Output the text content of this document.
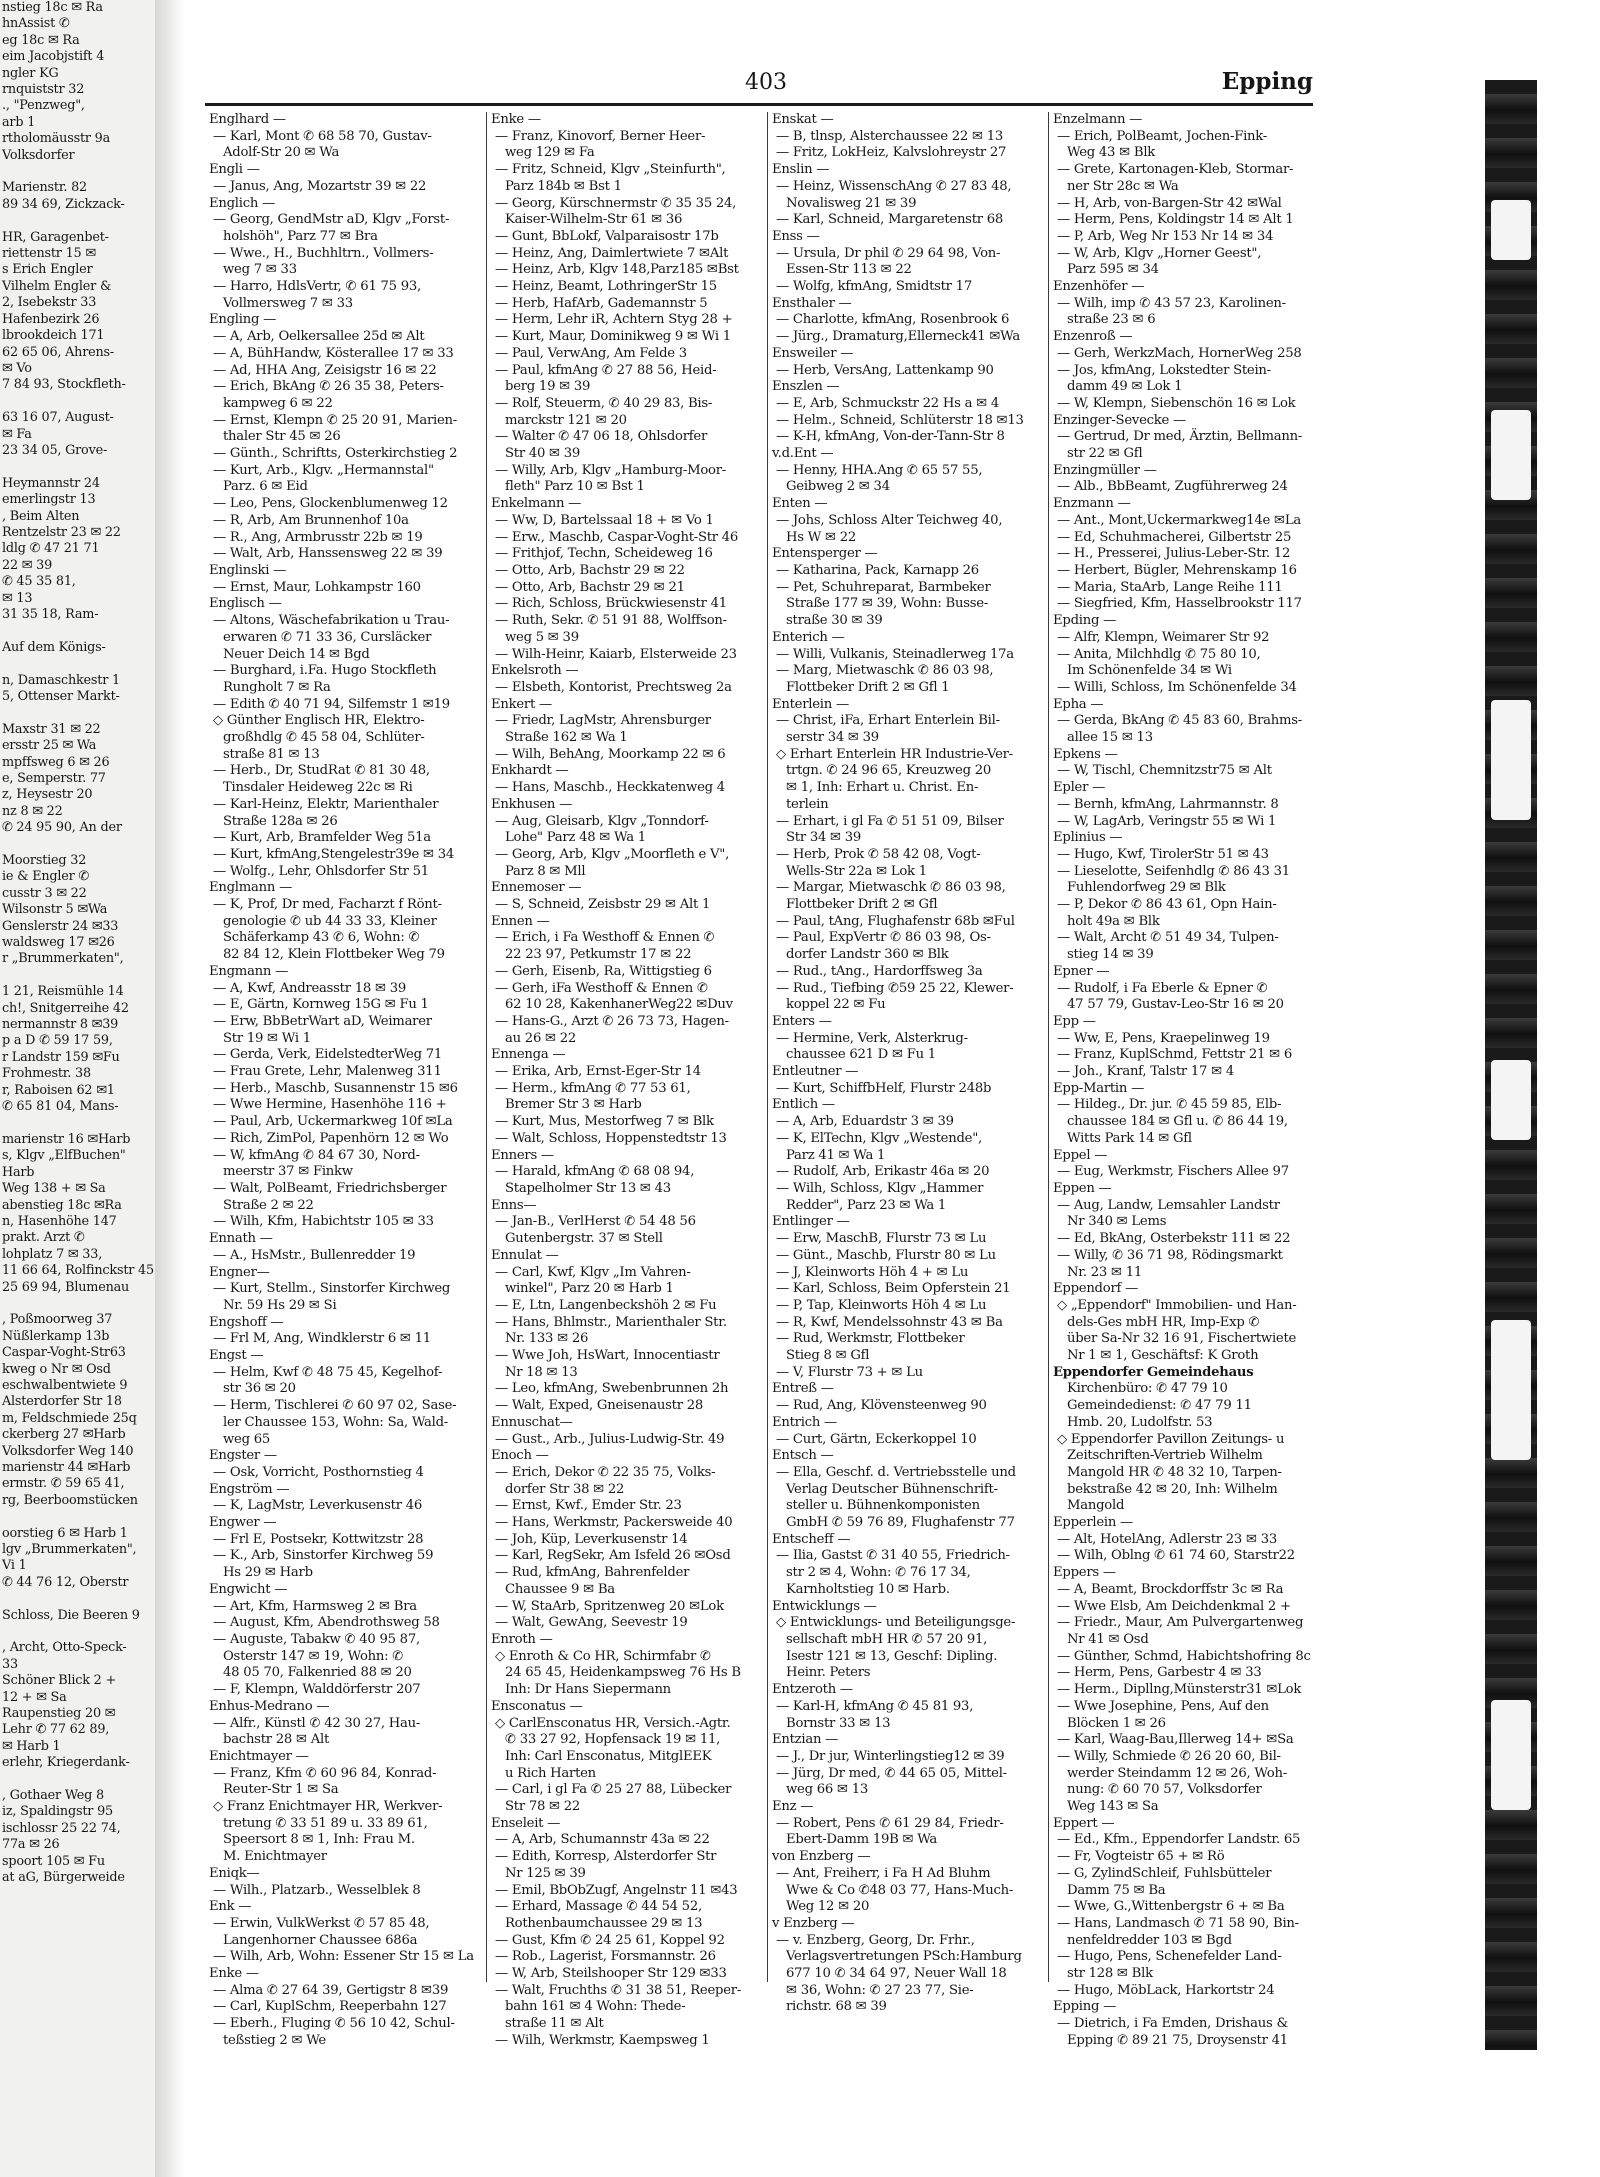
nstieg 18c ✉ Ra
hnAssist ✆
eg 18c ✉ Ra
eim Jacobjstift 4
ngler KG
rnquiststr 32
., "Penzweg",
arb 1
rtholomäusstr 9a
Volksdorfer
Marienstr. 82
89 34 69, Zickzack-
HR, Garagenbet-
riettenstr 15 ✉
s Erich Engler
Vilhelm Engler &
2, Isebekstr 33
Hafenbezirk 26
lbrookdeich 171
62 65 06, Ahrens-
✉ Vo
7 84 93, Stockfleth-
63 16 07, August-
✉ Fa
23 34 05, Grove-
Heymannstr 24
emerlingstr 13
, Beim Alten
Rentzelstr 23 ✉ 22
ldlg ✆ 47 21 71
22 ✉ 39
✆ 45 35 81,
✉ 13
31 35 18, Ram-
Auf dem Königs-
n, Damaschkestr 1
5, Ottenser Markt-
Maxstr 31 ✉ 22
ersstr 25 ✉ Wa
mpffsweg 6 ✉ 26
e, Semperstr. 77
z, Heysestr 20
nz 8 ✉ 22
✆ 24 95 90, An der
Moorstieg 32
ie & Engler ✆
cusstr 3 ✉ 22
Wilsonstr 5 ✉Wa
Genslerstr 24 ✉33
waldsweg 17 ✉26
r „Brummerkaten",
1 21, Reismühle 14
ch!, Snitgerreihe 42
nermannstr 8 ✉39
p a D ✆ 59 17 59,
r Landstr 159 ✉Fu
Frohmestr. 38
r, Raboisen 62 ✉1
✆ 65 81 04, Mans-
marienstr 16 ✉Harb
s, Klgv „ElfBuchen"
Harb
Weg 138 + ✉ Sa
abenstieg 18c ✉Ra
n, Hasenhöhe 147
prakt. Arzt ✆
lohplatz 7 ✉ 33,
11 66 64, Rolfinckstr 45
25 69 94, Blumenau
, Poßmoorweg 37
Nüßlerkamp 13b
Caspar-Voght-Str63
kweg o Nr ✉ Osd
eschwalbentwiete 9
Alsterdorfer Str 18
m, Feldschmiede 25q
ckerberg 27 ✉Harb
Volksdorfer Weg 140
marienstr 44 ✉Harb
ermstr. ✆ 59 65 41,
rg, Beerboomstücken
oorstieg 6 ✉ Harb 1
lgv „Brummerkaten",
Vi 1
✆ 44 76 12, Oberstr
Schloss, Die Beeren 9
, Archt, Otto-Speck-
33
Schöner Blick 2 +
12 + ✉ Sa
Raupenstieg 20 ✉
Lehr ✆ 77 62 89,
✉ Harb 1
erlehr, Kriegerdank-
, Gothaer Weg 8
iz, Spaldingstr 95
ischlossr 25 22 74,
77a ✉ 26
spoort 105 ✉ Fu
at aG, Bürgerweide
403	Epping
Englhard —
— Karl, Mont ✆ 68 58 70, Gustav-
Adolf-Str 20 ✉ Wa
Engli —
— Janus, Ang, Mozartstr 39 ✉ 22
Englich —
— Georg, GendMstr aD, Klgv „Forst-
holshöh", Parz 77 ✉ Bra
— Wwe., H., Buchhltrn., Vollmers-
weg 7 ✉ 33
— Harro, HdlsVertr, ✆ 61 75 93,
Vollmersweg 7 ✉ 33
Engling —
— A, Arb, Oelkersallee 25d ✉ Alt
— A, BühHandw, Kösterallee 17 ✉ 33
— Ad, HHA Ang, Zeisigstr 16 ✉ 22
— Erich, BkAng ✆ 26 35 38, Peters-
kampweg 6 ✉ 22
— Ernst, Klempn ✆ 25 20 91, Marien-
thaler Str 45 ✉ 26
— Günth., Schriftts, Osterkirchstieg 2
— Kurt, Arb., Klgv. „Hermannstal"
Parz. 6 ✉ Eid
— Leo, Pens, Glockenblumenweg 12
— R, Arb, Am Brunnenhof 10a
— R., Ang, Armbrusstr 22b ✉ 19
— Walt, Arb, Hanssensweg 22 ✉ 39
Englinski —
— Ernst, Maur, Lohkampstr 160
Englisch —
— Altons, Wäschefabrikation u Trau-
erwaren ✆ 71 33 36, Cursläcker
Neuer Deich 14 ✉ Bgd
— Burghard, i.Fa. Hugo Stockfleth
Rungholt 7 ✉ Ra
— Edith ✆ 40 71 94, Silfemstr 1 ✉19
◇ Günther Englisch HR, Elektro-
großhdlg ✆ 45 58 04, Schlüter-
straße 81 ✉ 13
— Herb., Dr, StudRat ✆ 81 30 48,
Tinsdaler Heideweg 22c ✉ Ri
— Karl-Heinz, Elektr, Marienthaler
Straße 128a ✉ 26
— Kurt, Arb, Bramfelder Weg 51a
— Kurt, kfmAng,Stengelestr39e ✉ 34
— Wolfg., Lehr, Ohlsdorfer Str 51
Englmann —
— K, Prof, Dr med, Facharzt f Rönt-
genologie ✆ ub 44 33 33, Kleiner
Schäferkamp 43 ✆ 6, Wohn: ✆
82 84 12, Klein Flottbeker Weg 79
Engmann —
— A, Kwf, Andreasstr 18 ✉ 39
— E, Gärtn, Kornweg 15G ✉ Fu 1
— Erw, BbBetrWart aD, Weimarer
Str 19 ✉ Wi 1
— Gerda, Verk, EidelstedterWeg 71
— Frau Grete, Lehr, Malenweg 311
— Herb., Maschb, Susannenstr 15 ✉6
— Wwe Hermine, Hasenhöhe 116 +
— Paul, Arb, Uckermarkweg 10f ✉La
— Rich, ZimPol, Papenhörn 12 ✉ Wo
— W, kfmAng ✆ 84 67 30, Nord-
meerstr 37 ✉ Finkw
— Walt, PolBeamt, Friedrichsberger
Straße 2 ✉ 22
— Wilh, Kfm, Habichtstr 105 ✉ 33
Ennath —
— A., HsMstr., Bullenredder 19
Engner—
— Kurt, Stellm., Sinstorfer Kirchweg
Nr. 59 Hs 29 ✉ Si
Engshoff —
— Frl M, Ang, Windklerstr 6 ✉ 11
Engst —
— Helm, Kwf ✆ 48 75 45, Kegelhof-
str 36 ✉ 20
— Herm, Tischlerei ✆ 60 97 02, Sase-
ler Chaussee 153, Wohn: Sa, Wald-
weg 65
Engster —
— Osk, Vorricht, Posthornstieg 4
Engström —
— K, LagMstr, Leverkusenstr 46
Engwer —
— Frl E, Postsekr, Kottwitzstr 28
— K., Arb, Sinstorfer Kirchweg 59
Hs 29 ✉ Harb
Engwicht —
— Art, Kfm, Harmsweg 2 ✉ Bra
— August, Kfm, Abendrothsweg 58
— Auguste, Tabakw ✆ 40 95 87,
Osterstr 147 ✉ 19, Wohn: ✆
48 05 70, Falkenried 88 ✉ 20
— F, Klempn, Walddörferstr 207
Enhus-Medrano —
— Alfr., Künstl ✆ 42 30 27, Hau-
bachstr 28 ✉ Alt
Enichtmayer —
— Franz, Kfm ✆ 60 96 84, Konrad-
Reuter-Str 1 ✉ Sa
◇ Franz Enichtmayer HR, Werkver-
tretung ✆ 33 51 89 u. 33 89 61,
Speersort 8 ✉ 1, Inh: Frau M.
M. Enichtmayer
Eniqk—
— Wilh., Platzarb., Wesselblek 8
Enk —
— Erwin, VulkWerkst ✆ 57 85 48,
Langenhorner Chaussee 686a
— Wilh, Arb, Wohn: Essener Str 15 ✉ La
Enke —
— Alma ✆ 27 64 39, Gertigstr 8 ✉39
— Carl, KuplSchm, Reeperbahn 127
— Eberh., Fluging ✆ 56 10 42, Schul-
teßstieg 2 ✉ We
Enke —
— Franz, Kinovorf, Berner Heer-
weg 129 ✉ Fa
— Fritz, Schneid, Klgv „Steinfurth",
Parz 184b ✉ Bst 1
— Georg, Kürschnermstr ✆ 35 35 24,
Kaiser-Wilhelm-Str 61 ✉ 36
— Gunt, BbLokf, Valparaisostr 17b
— Heinz, Ang, Daimlertwiete 7 ✉Alt
— Heinz, Arb, Klgv 148,Parz185 ✉Bst
— Heinz, Beamt, LothringerStr 15
— Herb, HafArb, Gademannstr 5
— Herm, Lehr iR, Achtern Styg 28 +
— Kurt, Maur, Dominikweg 9 ✉ Wi 1
— Paul, VerwAng, Am Felde 3
— Paul, kfmAng ✆ 27 88 56, Heid-
berg 19 ✉ 39
— Rolf, Steuerm, ✆ 40 29 83, Bis-
marckstr 121 ✉ 20
— Walter ✆ 47 06 18, Ohlsdorfer
Str 40 ✉ 39
— Willy, Arb, Klgv „Hamburg-Moor-
fleth" Parz 10 ✉ Bst 1
Enkelmann —
— Ww, D, Bartelssaal 18 + ✉ Vo 1
— Erw., Maschb, Caspar-Voght-Str 46
— Frithjof, Techn, Scheideweg 16
— Otto, Arb, Bachstr 29 ✉ 22
— Otto, Arb, Bachstr 29 ✉ 21
— Rich, Schloss, Brückwiesenstr 41
— Ruth, Sekr. ✆ 51 91 88, Wolffson-
weg 5 ✉ 39
— Wilh-Heinr, Kaiarb, Elsterweide 23
Enkelsroth —
— Elsbeth, Kontorist, Prechtsweg 2a
Enkert —
— Friedr, LagMstr, Ahrensburger
Straße 162 ✉ Wa 1
— Wilh, BehAng, Moorkamp 22 ✉ 6
Enkhardt —
— Hans, Maschb., Heckkatenweg 4
Enkhusen —
— Aug, Gleisarb, Klgv „Tonndorf-
Lohe" Parz 48 ✉ Wa 1
— Georg, Arb, Klgv „Moorfleth e V",
Parz 8 ✉ Mll
Ennemoser —
— S, Schneid, Zeisbstr 29 ✉ Alt 1
Ennen —
— Erich, i Fa Westhoff & Ennen ✆
22 23 97, Petkumstr 17 ✉ 22
— Gerh, Eisenb, Ra, Wittigstieg 6
— Gerh, iFa Westhoff & Ennen ✆
62 10 28, KakenhanerWeg22 ✉Duv
— Hans-G., Arzt ✆ 26 73 73, Hagen-
au 26 ✉ 22
Ennenga —
— Erika, Arb, Ernst-Eger-Str 14
— Herm., kfmAng ✆ 77 53 61,
Bremer Str 3 ✉ Harb
— Kurt, Mus, Mestorfweg 7 ✉ Blk
— Walt, Schloss, Hoppenstedtstr 13
Enners —
— Harald, kfmAng ✆ 68 08 94,
Stapelholmer Str 13 ✉ 43
Enns—
— Jan-B., VerlHerst ✆ 54 48 56
Gutenbergstr. 37 ✉ Stell
Ennulat —
— Carl, Kwf, Klgv „Im Vahren-
winkel", Parz 20 ✉ Harb 1
— E, Ltn, Langenbeckshöh 2 ✉ Fu
— Hans, Bhlmstr., Marienthaler Str.
Nr. 133 ✉ 26
— Wwe Joh, HsWart, Innocentiastr
Nr 18 ✉ 13
— Leo, kfmAng, Swebenbrunnen 2h
— Walt, Exped, Gneisenaustr 28
Ennuschat—
— Gust., Arb., Julius-Ludwig-Str. 49
Enoch —
— Erich, Dekor ✆ 22 35 75, Volks-
dorfer Str 38 ✉ 22
— Ernst, Kwf., Emder Str. 23
— Hans, Werkmstr, Packersweide 40
— Joh, Küp, Leverkusenstr 14
— Karl, RegSekr, Am Isfeld 26 ✉Osd
— Rud, kfmAng, Bahrenfelder
Chaussee 9 ✉ Ba
— W, StaArb, Spritzenweg 20 ✉Lok
— Walt, GewAng, Seevestr 19
Enroth —
◇ Enroth & Co HR, Schirmfabr ✆
24 65 45, Heidenkampsweg 76 Hs B
Inh: Dr Hans Siepermann
Ensconatus —
◇ CarlEnsconatus HR, Versich.-Agtr.
✆ 33 27 92, Hopfensack 19 ✉ 11,
Inh: Carl Ensconatus, MitglEEK
u Rich Harten
— Carl, i gl Fa ✆ 25 27 88, Lübecker
Str 78 ✉ 22
Enseleit —
— A, Arb, Schumannstr 43a ✉ 22
— Edith, Korresp, Alsterdorfer Str
Nr 125 ✉ 39
— Emil, BbObZugf, Angelnstr 11 ✉43
— Erhard, Massage ✆ 44 54 52,
Rothenbaumchaussee 29 ✉ 13
— Gust, Kfm ✆ 24 25 61, Koppel 92
— Rob., Lagerist, Forsmannstr. 26
— W, Arb, Steilshooper Str 129 ✉33
— Walt, Fruchths ✆ 31 38 51, Reeper-
bahn 161 ✉ 4 Wohn: Thede-
straße 11 ✉ Alt
— Wilh, Werkmstr, Kaempsweg 1
Enskat —
— B, tlnsp, Alsterchaussee 22 ✉ 13
— Fritz, LokHeiz, Kalvslohreystr 27
Enslin —
— Heinz, WissenschAng ✆ 27 83 48,
Novalisweg 21 ✉ 39
— Karl, Schneid, Margaretenstr 68
Enss —
— Ursula, Dr phil ✆ 29 64 98, Von-
Essen-Str 113 ✉ 22
— Wolfg, kfmAng, Smidtstr 17
Ensthaler —
— Charlotte, kfmAng, Rosenbrook 6
— Jürg., Dramaturg,Ellerneck41 ✉Wa
Ensweiler —
— Herb, VersAng, Lattenkamp 90
Enszlen —
— E, Arb, Schmuckstr 22 Hs a ✉ 4
— Helm., Schneid, Schlüterstr 18 ✉13
— K-H, kfmAng, Von-der-Tann-Str 8
v.d.Ent —
— Henny, HHA.Ang ✆ 65 57 55,
Geibweg 2 ✉ 34
Enten —
— Johs, Schloss Alter Teichweg 40,
Hs W ✉ 22
Entensperger —
— Katharina, Pack, Karnapp 26
— Pet, Schuhreparat, Barmbeker
Straße 177 ✉ 39, Wohn: Busse-
straße 30 ✉ 39
Enterich —
— Willi, Vulkanis, Steinadlerweg 17a
— Marg, Mietwaschk ✆ 86 03 98,
Flottbeker Drift 2 ✉ Gfl 1
Enterlein —
— Christ, iFa, Erhart Enterlein Bil-
serstr 34 ✉ 39
◇ Erhart Enterlein HR Industrie-Ver-
trtgn. ✆ 24 96 65, Kreuzweg 20
✉ 1, Inh: Erhart u. Christ. En-
terlein
— Erhart, i gl Fa ✆ 51 51 09, Bilser
Str 34 ✉ 39
— Herb, Prok ✆ 58 42 08, Vogt-
Wells-Str 22a ✉ Lok 1
— Margar, Mietwaschk ✆ 86 03 98,
Flottbeker Drift 2 ✉ Gfl
— Paul, tAng, Flughafenstr 68b ✉Ful
— Paul, ExpVertr ✆ 86 03 98, Os-
dorfer Landstr 360 ✉ Blk
— Rud., tAng., Hardorffsweg 3a
— Rud., Tiefbing ✆59 25 22, Klewer-
koppel 22 ✉ Fu
Enters —
— Hermine, Verk, Alsterkrug-
chaussee 621 D ✉ Fu 1
Entleutner —
— Kurt, SchiffbHelf, Flurstr 248b
Entlich —
— A, Arb, Eduardstr 3 ✉ 39
— K, ElTechn, Klgv „Westende",
Parz 41 ✉ Wa 1
— Rudolf, Arb, Erikastr 46a ✉ 20
— Wilh, Schloss, Klgv „Hammer
Redder", Parz 23 ✉ Wa 1
Entlinger —
— Erw, MaschB, Flurstr 73 ✉ Lu
— Günt., Maschb, Flurstr 80 ✉ Lu
— J, Kleinworts Höh 4 + ✉ Lu
— Karl, Schloss, Beim Opferstein 21
— P, Tap, Kleinworts Höh 4 ✉ Lu
— R, Kwf, Mendelssohnstr 43 ✉ Ba
— Rud, Werkmstr, Flottbeker
Stieg 8 ✉ Gfl
— V, Flurstr 73 + ✉ Lu
Entreß —
— Rud, Ang, Klövensteenweg 90
Entrich —
— Curt, Gärtn, Eckerkoppel 10
Entsch —
— Ella, Geschf. d. Vertriebsstelle und
Verlag Deutscher Bühnenschrift-
steller u. Bühnenkomponisten
GmbH ✆ 59 76 89, Flughafenstr 77
Entscheff —
— Ilia, Gastst ✆ 31 40 55, Friedrich-
str 2 ✉ 4, Wohn: ✆ 76 17 34,
Karnholtstieg 10 ✉ Harb.
Entwicklungs —
◇ Entwicklungs- und Beteiligungsge-
sellschaft mbH HR ✆ 57 20 91,
Isestr 121 ✉ 13, Geschf: Dipling.
Heinr. Peters
Entzeroth —
— Karl-H, kfmAng ✆ 45 81 93,
Bornstr 33 ✉ 13
Entzian —
— J., Dr jur, Winterlingstieg12 ✉ 39
— Jürg, Dr med, ✆ 44 65 05, Mittel-
weg 66 ✉ 13
Enz —
— Robert, Pens ✆ 61 29 84, Friedr-
Ebert-Damm 19B ✉ Wa
von Enzberg —
— Ant, Freiherr, i Fa H Ad Bluhm
Wwe & Co ✆48 03 77, Hans-Much-
Weg 12 ✉ 20
v Enzberg —
— v. Enzberg, Georg, Dr. Frhr.,
Verlagsvertretungen PSch:Hamburg
677 10 ✆ 34 64 97, Neuer Wall 18
✉ 36, Wohn: ✆ 27 23 77, Sie-
richstr. 68 ✉ 39
Enzelmann —
— Erich, PolBeamt, Jochen-Fink-
Weg 43 ✉ Blk
— Grete, Kartonagen-Kleb, Stormar-
ner Str 28c ✉ Wa
— H, Arb, von-Bargen-Str 42 ✉Wal
— Herm, Pens, Koldingstr 14 ✉ Alt 1
— P, Arb, Weg Nr 153 Nr 14 ✉ 34
— W, Arb, Klgv „Horner Geest",
Parz 595 ✉ 34
Enzenhöfer —
— Wilh, imp ✆ 43 57 23, Karolinen-
straße 23 ✉ 6
Enzenroß —
— Gerh, WerkzMach, HornerWeg 258
— Jos, kfmAng, Lokstedter Stein-
damm 49 ✉ Lok 1
— W, Klempn, Siebenschön 16 ✉ Lok
Enzinger-Sevecke —
— Gertrud, Dr med, Ärztin, Bellmann-
str 22 ✉ Gfl
Enzingmüller —
— Alb., BbBeamt, Zugführerweg 24
Enzmann —
— Ant., Mont,Uckermarkweg14e ✉La
— Ed, Schuhmacherei, Gilbertstr 25
— H., Presserei, Julius-Leber-Str. 12
— Herbert, Bügler, Mehrenskamp 16
— Maria, StaArb, Lange Reihe 111
— Siegfried, Kfm, Hasselbrookstr 117
Epding —
— Alfr, Klempn, Weimarer Str 92
— Anita, Milchhdlg ✆ 75 80 10,
Im Schönenfelde 34 ✉ Wi
— Willi, Schloss, Im Schönenfelde 34
Epha —
— Gerda, BkAng ✆ 45 83 60, Brahms-
allee 15 ✉ 13
Epkens —
— W, Tischl, Chemnitzstr75 ✉ Alt
Epler —
— Bernh, kfmAng, Lahrmannstr. 8
— W, LagArb, Veringstr 55 ✉ Wi 1
Eplinius —
— Hugo, Kwf, TirolerStr 51 ✉ 43
— Lieselotte, Seifenhdlg ✆ 86 43 31
Fuhlendorfweg 29 ✉ Blk
— P, Dekor ✆ 86 43 61, Opn Hain-
holt 49a ✉ Blk
— Walt, Archt ✆ 51 49 34, Tulpen-
stieg 14 ✉ 39
Epner —
— Rudolf, i Fa Eberle & Epner ✆
47 57 79, Gustav-Leo-Str 16 ✉ 20
Epp —
— Ww, E, Pens, Kraepelinweg 19
— Franz, KuplSchmd, Fettstr 21 ✉ 6
— Joh., Kranf, Talstr 17 ✉ 4
Epp-Martin —
— Hildeg., Dr. jur. ✆ 45 59 85, Elb-
chaussee 184 ✉ Gfl u. ✆ 86 44 19,
Witts Park 14 ✉ Gfl
Eppel —
— Eug, Werkmstr, Fischers Allee 97
Eppen —
— Aug, Landw, Lemsahler Landstr
Nr 340 ✉ Lems
— Ed, BkAng, Osterbekstr 111 ✉ 22
— Willy, ✆ 36 71 98, Rödingsmarkt
Nr. 23 ✉ 11
Eppendorf —
◇ „Eppendorf" Immobilien- und Han-
dels-Ges mbH HR, Imp-Exp ✆
über Sa-Nr 32 16 91, Fischertwiete
Nr 1 ✉ 1, Geschäftsf: K Groth
Eppendorfer Gemeindehaus
Kirchenbüro: ✆ 47 79 10
Gemeindedienst: ✆ 47 79 11
Hmb. 20, Ludolfstr. 53
◇ Eppendorfer Pavillon Zeitungs- u
Zeitschriften-Vertrieb Wilhelm
Mangold HR ✆ 48 32 10, Tarpen-
bekstraße 42 ✉ 20, Inh: Wilhelm
Mangold
Epperlein —
— Alt, HotelAng, Adlerstr 23 ✉ 33
— Wilh, Oblng ✆ 61 74 60, Starstr22
Eppers —
— A, Beamt, Brockdorffstr 3c ✉ Ra
— Wwe Elsb, Am Deichdenkmal 2 +
— Friedr., Maur, Am Pulvergartenweg
Nr 41 ✉ Osd
— Günther, Schmd, Habichtshofring 8c
— Herm, Pens, Garbestr 4 ✉ 33
— Herm., Dipllng,Münsterstr31 ✉Lok
— Wwe Josephine, Pens, Auf den
Blöcken 1 ✉ 26
— Karl, Waag-Bau,Illerweg 14+ ✉Sa
— Willy, Schmiede ✆ 26 20 60, Bil-
werder Steindamm 12 ✉ 26, Woh-
nung: ✆ 60 70 57, Volksdorfer
Weg 143 ✉ Sa
Eppert —
— Ed., Kfm., Eppendorfer Landstr. 65
— Fr, Vogteistr 65 + ✉ Rö
— G, ZylindSchleif, Fuhlsbütteler
Damm 75 ✉ Ba
— Wwe, G.,Wittenbergstr 6 + ✉ Ba
— Hans, Landmasch ✆ 71 58 90, Bin-
nenfeldredder 103 ✉ Bgd
— Hugo, Pens, Schenefelder Land-
str 128 ✉ Blk
— Hugo, MöbLack, Harkortstr 24
Epping —
— Dietrich, i Fa Emden, Drishaus &
Epping ✆ 89 21 75, Droysenstr 41
